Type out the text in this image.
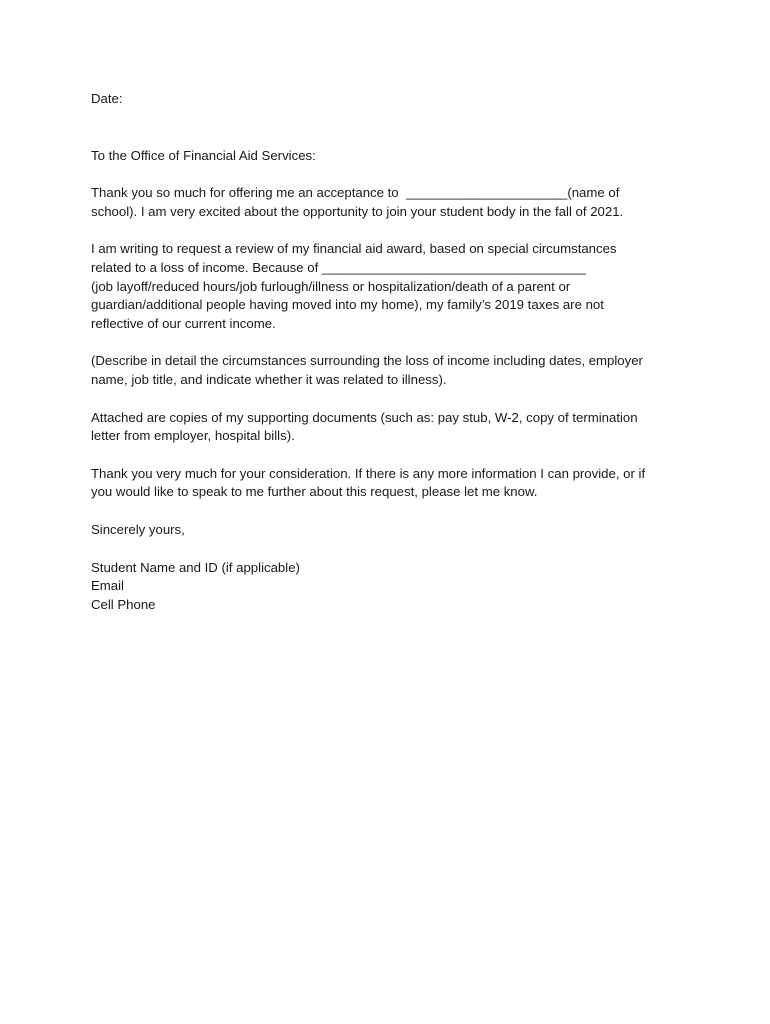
Date:
To the Office of Financial Aid Services:
Thank you so much for offering me an acceptance to  ______________________(name of
school). I am very excited about the opportunity to join your student body in the fall of 2021.
I am writing to request a review of my financial aid award, based on special circumstances
related to a loss of income. Because of ____________________________________
(job layoff/reduced hours/job furlough/illness or hospitalization/death of a parent or
guardian/additional people having moved into my home), my family’s 2019 taxes are not
reflective of our current income.
(Describe in detail the circumstances surrounding the loss of income including dates, employer
name, job title, and indicate whether it was related to illness).
Attached are copies of my supporting documents (such as: pay stub, W-2, copy of termination
letter from employer, hospital bills).
Thank you very much for your consideration. If there is any more information I can provide, or if
you would like to speak to me further about this request, please let me know.
Sincerely yours,
Student Name and ID (if applicable)
Email
Cell Phone
